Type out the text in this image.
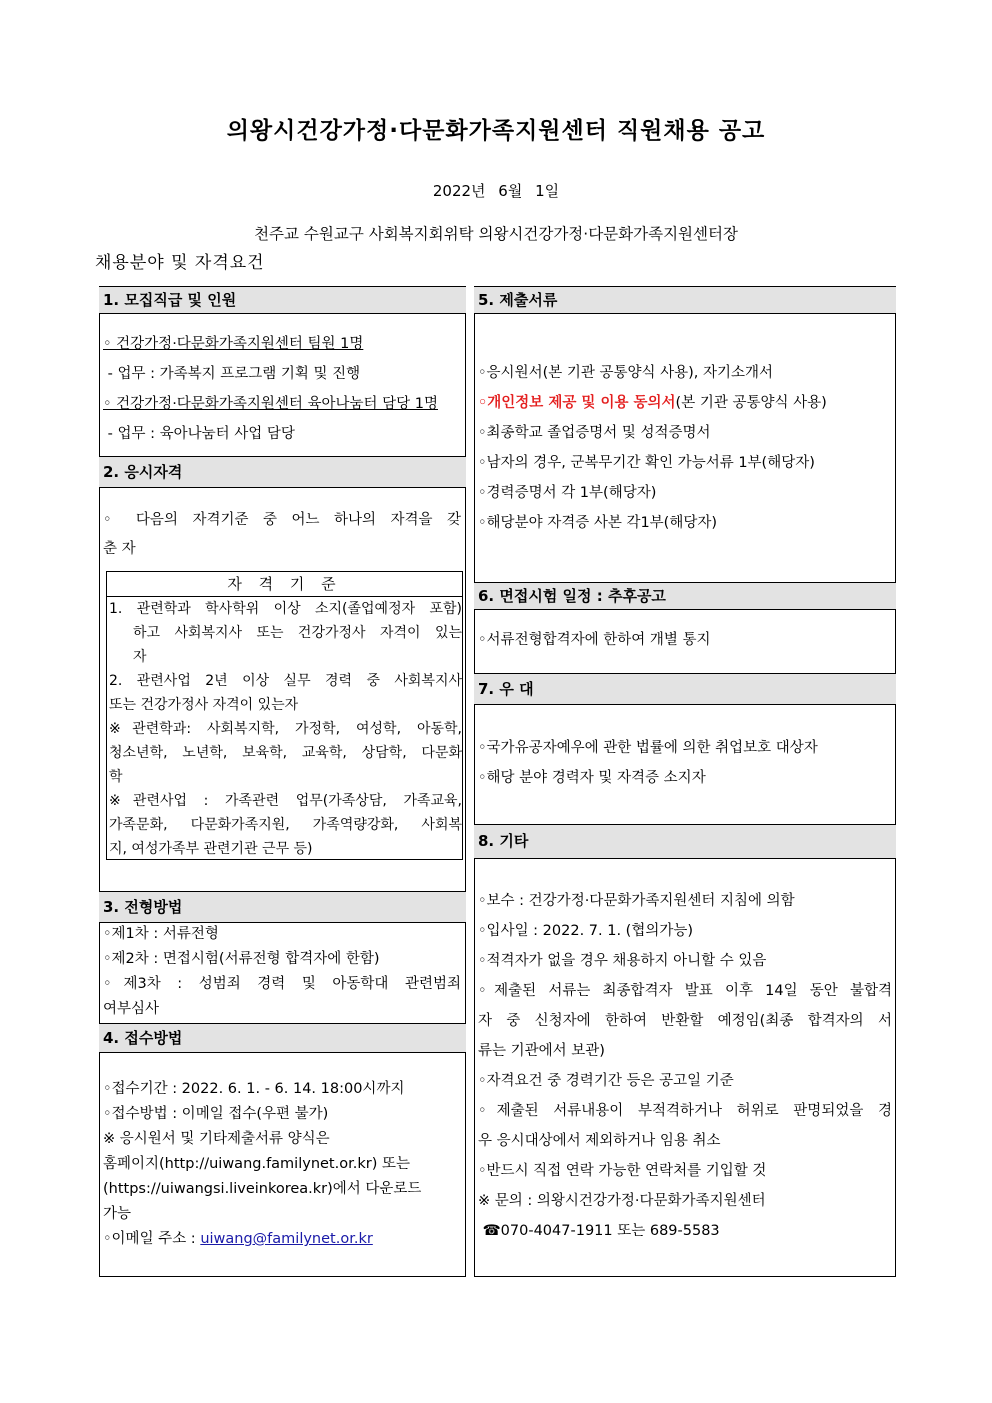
의왕시건강가정·다문화가족지원센터 직원채용 공고
2022년 6월 1일
천주교 수원교구 사회복지회위탁 의왕시건강가정·다문화가족지원센터장
채용분야 및 자격요건
1. 모집직급 및 인원
◦ 건강가정·다문화가족지원센터 팀원 1명
- 업무 : 가족복지 프로그램 기획 및 진행
◦ 건강가정·다문화가족지원센터 육아나눔터 담당 1명
- 업무 : 육아나눔터 사업 담당
2. 응시자격
◦ 다음의 자격기준 중 어느 하나의 자격을 갖
춘 자
자 격 기 준
1. 관련학과 학사학위 이상 소지(졸업예정자 포함)
하고 사회복지사 또는 건강가정사 자격이 있는
자
2. 관련사업 2년 이상 실무 경력 중 사회복지사
또는 건강가정사 자격이 있는자
※관련학과: 사회복지학, 가정학, 여성학, 아동학,
청소년학, 노년학, 보육학, 교육학, 상담학, 다문화
학
※관련사업 : 가족관련 업무(가족상담, 가족교육,
가족문화, 다문화가족지원, 가족역량강화, 사회복
지, 여성가족부 관련기관 근무 등)
3. 전형방법
◦제1차 : 서류전형
◦제2차 : 면접시험(서류전형 합격자에 한함)
◦제3차 : 성범죄 경력 및 아동학대 관련범죄
여부심사
4. 접수방법
◦접수기간 : 2022. 6. 1. - 6. 14. 18:00시까지
◦접수방법 : 이메일 접수(우편 불가)
※ 응시원서 및 기타제출서류 양식은
홈페이지(http://uiwang.familynet.or.kr) 또는
(https://uiwangsi.liveinkorea.kr)에서 다운로드
가능
◦이메일 주소 : uiwang@familynet.or.kr
5. 제출서류
◦응시원서(본 기관 공통양식 사용), 자기소개서
◦개인정보 제공 및 이용 동의서(본 기관 공통양식 사용)
◦최종학교 졸업증명서 및 성적증명서
◦남자의 경우, 군복무기간 확인 가능서류 1부(해당자)
◦경력증명서 각 1부(해당자)
◦해당분야 자격증 사본 각1부(해당자)
6. 면접시험 일정 : 추후공고
◦서류전형합격자에 한하여 개별 통지
7. 우 대
◦국가유공자예우에 관한 법률에 의한 취업보호 대상자
◦해당 분야 경력자 및 자격증 소지자
8. 기타
◦보수 : 건강가정·다문화가족지원센터 지침에 의함
◦입사일 : 2022. 7. 1. (협의가능)
◦적격자가 없을 경우 채용하지 아니할 수 있음
◦제출된 서류는 최종합격자 발표 이후 14일 동안 불합격
자 중 신청자에 한하여 반환할 예정임(최종 합격자의 서
류는 기관에서 보관)
◦자격요건 중 경력기간 등은 공고일 기준
◦제출된 서류내용이 부적격하거나 허위로 판명되었을 경
우 응시대상에서 제외하거나 임용 취소
◦반드시 직접 연락 가능한 연락처를 기입할 것
※ 문의 : 의왕시건강가정·다문화가족지원센터
☎070-4047-1911 또는 689-5583
